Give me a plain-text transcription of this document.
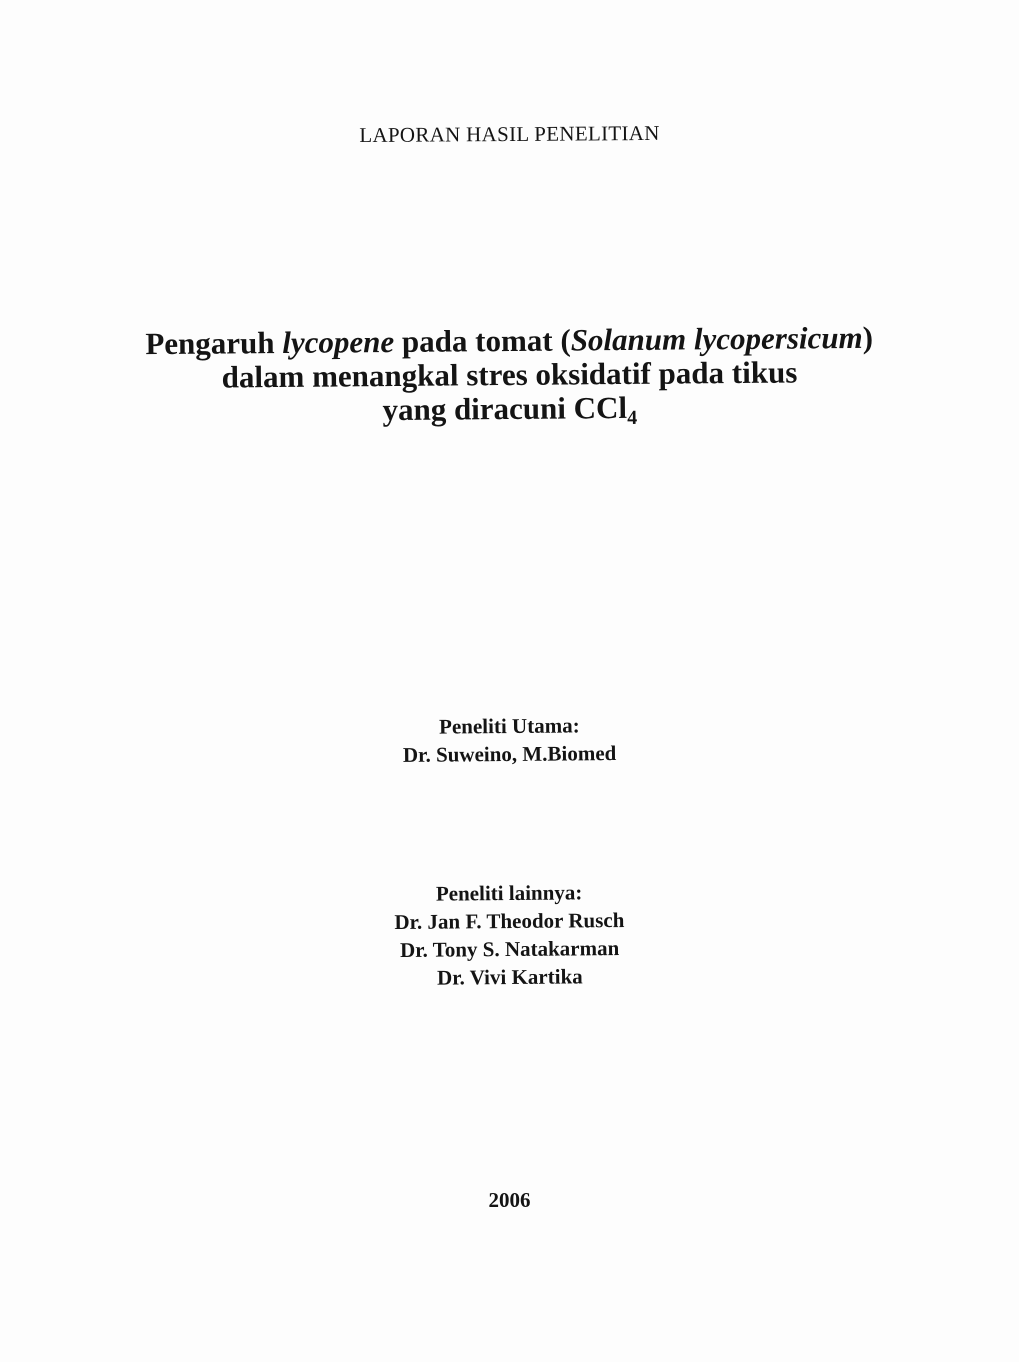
LAPORAN HASIL PENELITIAN
Pengaruh lycopene pada tomat (Solanum lycopersicum)
dalam menangkal stres oksidatif pada tikus
yang diracuni CCl$_4$
Peneliti Utama:
Dr. Suweino, M.Biomed
Peneliti lainnya:
Dr. Jan F. Theodor Rusch
Dr. Tony S. Natakarman
Dr. Vivi Kartika
2006
